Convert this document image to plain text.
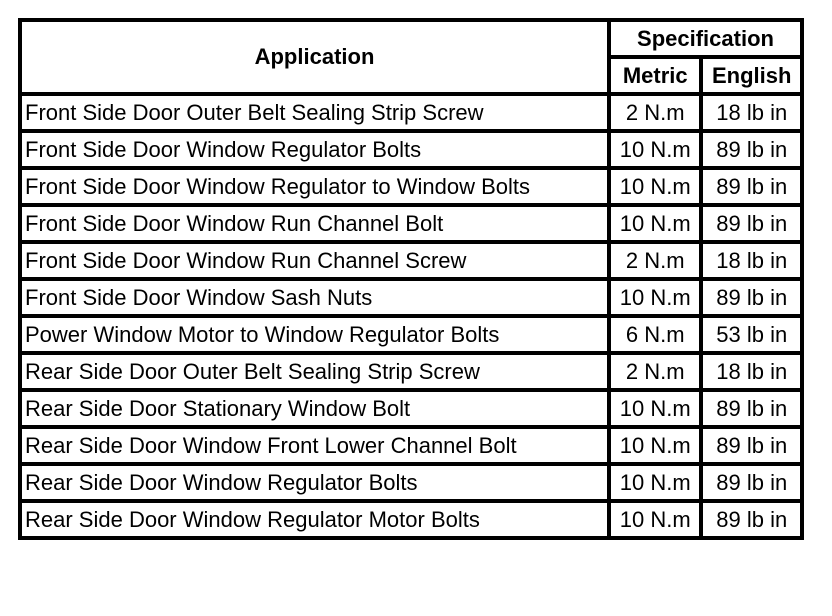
Application	Specification	
	Metric	English
Front Side Door Outer Belt Sealing Strip Screw	2 N.m	18 lb in
Front Side Door Window Regulator Bolts	10 N.m	89 lb in
Front Side Door Window Regulator to Window Bolts	10 N.m	89 lb in
Front Side Door Window Run Channel Bolt	10 N.m	89 lb in
Front Side Door Window Run Channel Screw	2 N.m	18 lb in
Front Side Door Window Sash Nuts	10 N.m	89 lb in
Power Window Motor to Window Regulator Bolts	6 N.m	53 lb in
Rear Side Door Outer Belt Sealing Strip Screw	2 N.m	18 lb in
Rear Side Door Stationary Window Bolt	10 N.m	89 lb in
Rear Side Door Window Front Lower Channel Bolt	10 N.m	89 lb in
Rear Side Door Window Regulator Bolts	10 N.m	89 lb in
Rear Side Door Window Regulator Motor Bolts	10 N.m	89 lb in
